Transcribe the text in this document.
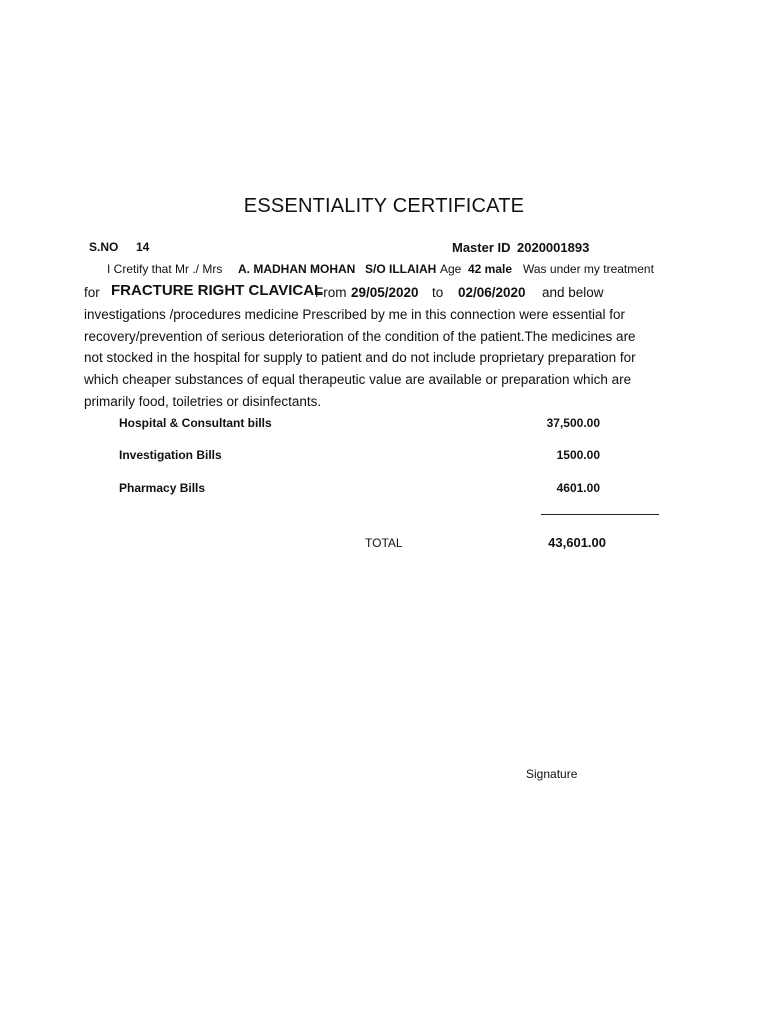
ESSENTIALITY CERTIFICATE
S.NO 14	Master ID 2020001893
I Cretify that Mr ./ Mrs A. MADHAN MOHAN S/O ILLAIAH Age 42 male Was under my treatment
for FRACTURE RIGHT CLAVICAL
From 29/05/2020 to 02/06/2020 and below
investigations /procedures medicine Prescribed by me in this connection were essential for
recovery/prevention of serious deterioration of the condition of the patient.The medicines are
not stocked in the hospital for supply to patient and do not include proprietary preparation for
which cheaper substances of equal therapeutic value are available or preparation which are
primarily food, toiletries or disinfectants.
Hospital & Consultant bills	37,500.00
Investigation Bills	1500.00
Pharmacy Bills	4601.00
TOTAL	43,601.00
Signature
